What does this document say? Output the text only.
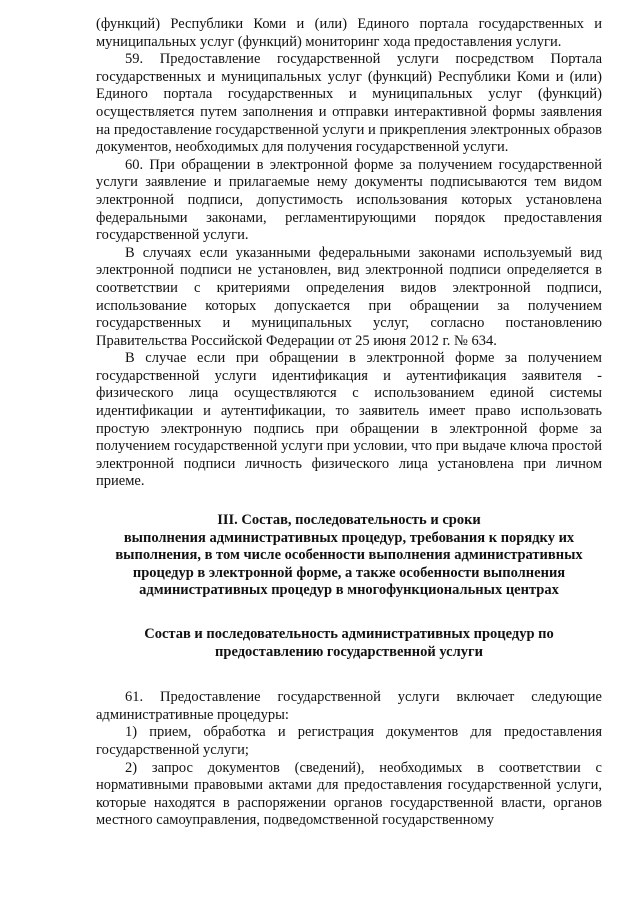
(функций) Республики Коми и (или) Единого портала государственных и муниципальных услуг (функций) мониторинг хода предоставления услуги.

59. Предоставление государственной услуги посредством Портала государственных и муниципальных услуг (функций) Республики Коми и (или) Единого портала государственных и муниципальных услуг (функций) осуществляется путем заполнения и отправки интерактивной формы заявления на предоставление государственной услуги и прикрепления электронных образов документов, необходимых для получения государственной услуги.

60. При обращении в электронной форме за получением государственной услуги заявление и прилагаемые нему документы подписываются тем видом электронной подписи, допустимость использования которых установлена федеральными законами, регламентирующими порядок предоставления государственной услуги.

В случаях если указанными федеральными законами используемый вид электронной подписи не установлен, вид электронной подписи определяется в соответствии с критериями определения видов электронной подписи, использование которых допускается при обращении за получением государственных и муниципальных услуг, согласно постановлению Правительства Российской Федерации от 25 июня 2012 г. № 634.

В случае если при обращении в электронной форме за получением государственной услуги идентификация и аутентификация заявителя - физического лица осуществляются с использованием единой системы идентификации и аутентификации, то заявитель имеет право использовать простую электронную подпись при обращении в электронной форме за получением государственной услуги при условии, что при выдаче ключа простой электронной подписи личность физического лица установлена при личном приеме.

III. Состав, последовательность и сроки
выполнения административных процедур, требования к порядку их
выполнения, в том числе особенности выполнения административных
процедур в электронной форме, а также особенности выполнения
административных процедур в многофункциональных центрах
Состав и последовательность административных процедур по
предоставлению государственной услуги

61. Предоставление государственной услуги включает следующие административные процедуры:

1) прием, обработка и регистрация документов для предоставления государственной услуги;

2) запрос документов (сведений), необходимых в соответствии с нормативными правовыми актами для предоставления государственной услуги, которые находятся в распоряжении органов государственной власти, органов местного самоуправления, подведомственной государственному
